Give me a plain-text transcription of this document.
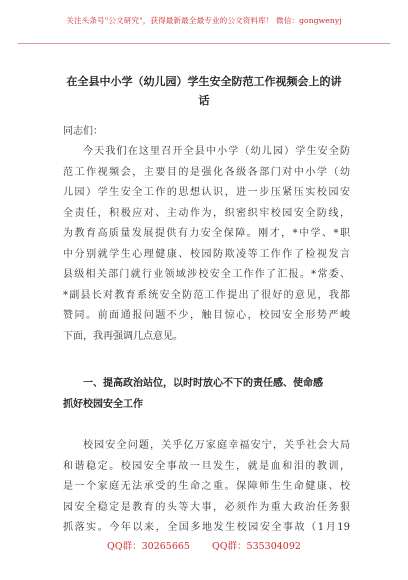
关注头条号"公文研究"，获得最新最全最专业的公文资料库！ 微信：gongwenyj
在全县中小学（幼儿园）学生安全防范工作视频会上的讲
话
同志们：
今天我们在这里召开全县中小学（幼儿园）学生安全防
范工作视频会，主要目的是强化各级各部门对中小学（幼
儿园）学生安全工作的思想认识，进一步压紧压实校园安
全责任，积极应对、主动作为，织密织牢校园安全防线，
为教育高质量发展提供有力安全保障。刚才，*中学、*职
中分别就学生心理健康、校园防欺凌等工作作了检视发言
县级相关部门就行业领域涉校安全工作作了汇报。*常委、
*副县长对教育系统安全防范工作提出了很好的意见，我都
赞同。前面通报问题不少，触目惊心，校园安全形势严峻
下面，我再强调几点意见。
一、提高政治站位，以时时放心不下的责任感、使命感
抓好校园安全工作
校园安全问题，关乎亿万家庭幸福安宁，关乎社会大局
和谐稳定。校园安全事故一旦发生，就是血和泪的教训，
是一个家庭无法承受的生命之重。保障师生生命健康、校
园安全稳定是教育的头等大事，必须作为重大政治任务狠
抓落实。今年以来，全国多地发生校园安全事故（1月19
QQ群：30265665 QQ群：535304092
